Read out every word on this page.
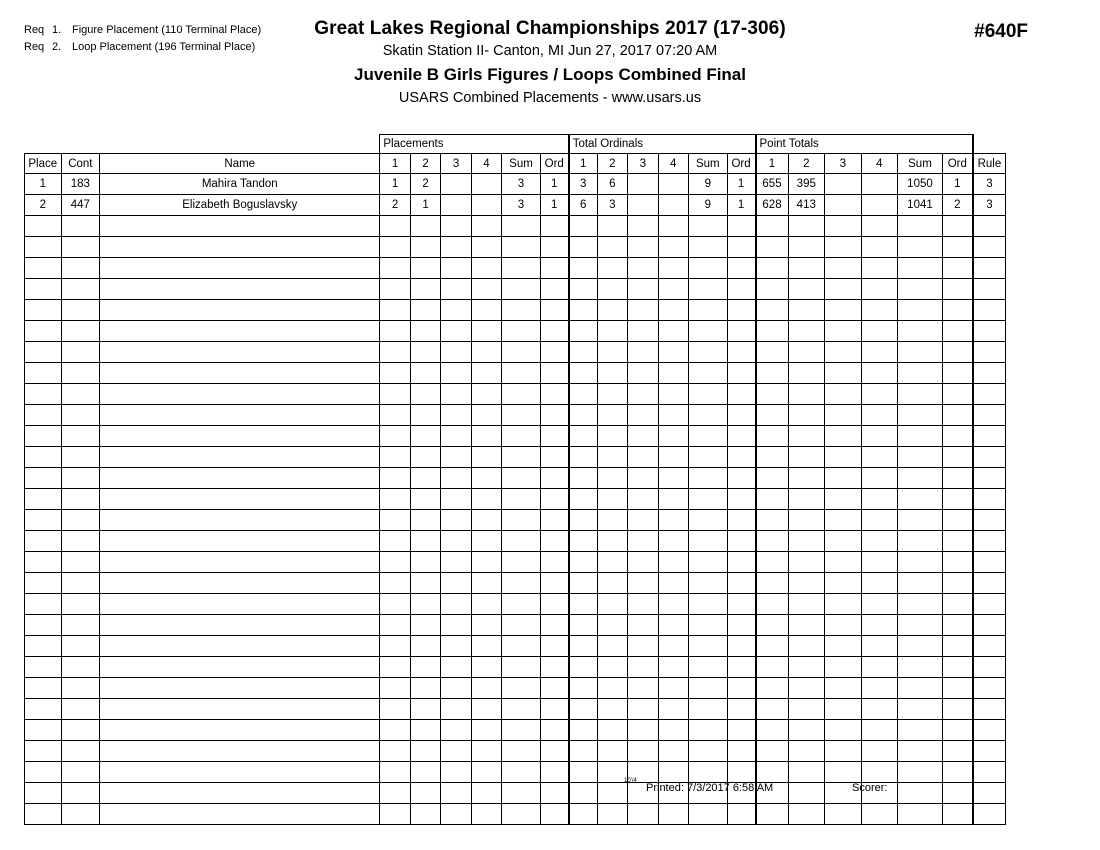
Req 1. Figure Placement (110 Terminal Place)
Req 2. Loop Placement (196 Terminal Place)
#640F
Great Lakes Regional Championships 2017 (17-306)
Skatin Station II- Canton, MI Jun 27, 2017 07:20 AM
Juvenile B Girls Figures / Loops Combined Final
USARS Combined Placements - www.usars.us
			Placements						Total Ordinals						Point Totals						
Place	Cont	Name	1	2	3	4	Sum	Ord	1	2	3	4	Sum	Ord	1	2	3	4	Sum	Ord	Rule
1	183	Mahira Tandon	1	2			3	1	3	6			9	1	655	395			1050	1	3
2	447	Elizabeth Boguslavsky	2	1			3	1	6	3			9	1	628	413			1041	2	3

10'/4
Printed: 7/3/2017 6:58 AM	Scorer:
